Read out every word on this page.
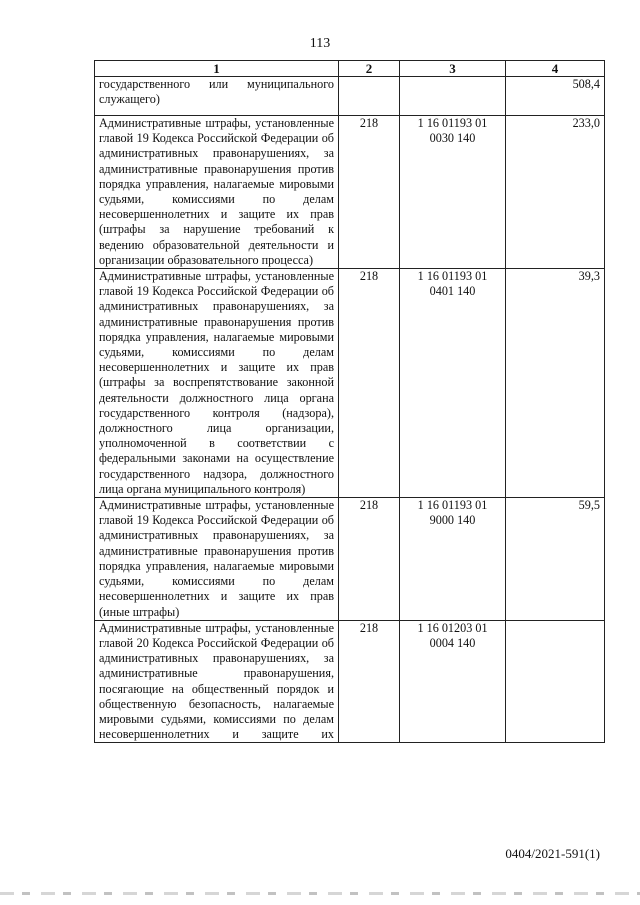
113
1	2	3	4
государственного или муниципального служащего)			508,4
Административные штрафы, установленные главой 19 Кодекса Российской Федерации об административных правонарушениях, за административные правонарушения против порядка управления, налагаемые мировыми судьями, комиссиями по делам несовершеннолетних и защите их прав (штрафы за нарушение требований к ведению образовательной деятельности и организации образовательного процесса)	218	1 16 01193 01 0030 140	233,0
Административные штрафы, установленные главой 19 Кодекса Российской Федерации об административных правонарушениях, за административные правонарушения против порядка управления, налагаемые мировыми судьями, комиссиями по делам несовершеннолетних и защите их прав (штрафы за воспрепятствование законной деятельности должностного лица органа государственного контроля (надзора), должностного лица организации, уполномоченной в соответствии с федеральными законами на осуществление государственного надзора, должностного лица органа муниципального контроля)	218	1 16 01193 01 0401 140	39,3
Административные штрафы, установленные главой 19 Кодекса Российской Федерации об административных правонарушениях, за административные правонарушения против порядка управления, налагаемые мировыми судьями, комиссиями по делам несовершеннолетних и защите их прав (иные штрафы)	218	1 16 01193 01 9000 140	59,5
Административные штрафы, установленные главой 20 Кодекса Российской Федерации об административных правонарушениях, за административные правонарушения, посягающие на общественный порядок и общественную безопасность, налагаемые мировыми судьями, комиссиями по делам несовершеннолетних и защите их	218	1 16 01203 01 0004 140	
0404/2021-591(1)
